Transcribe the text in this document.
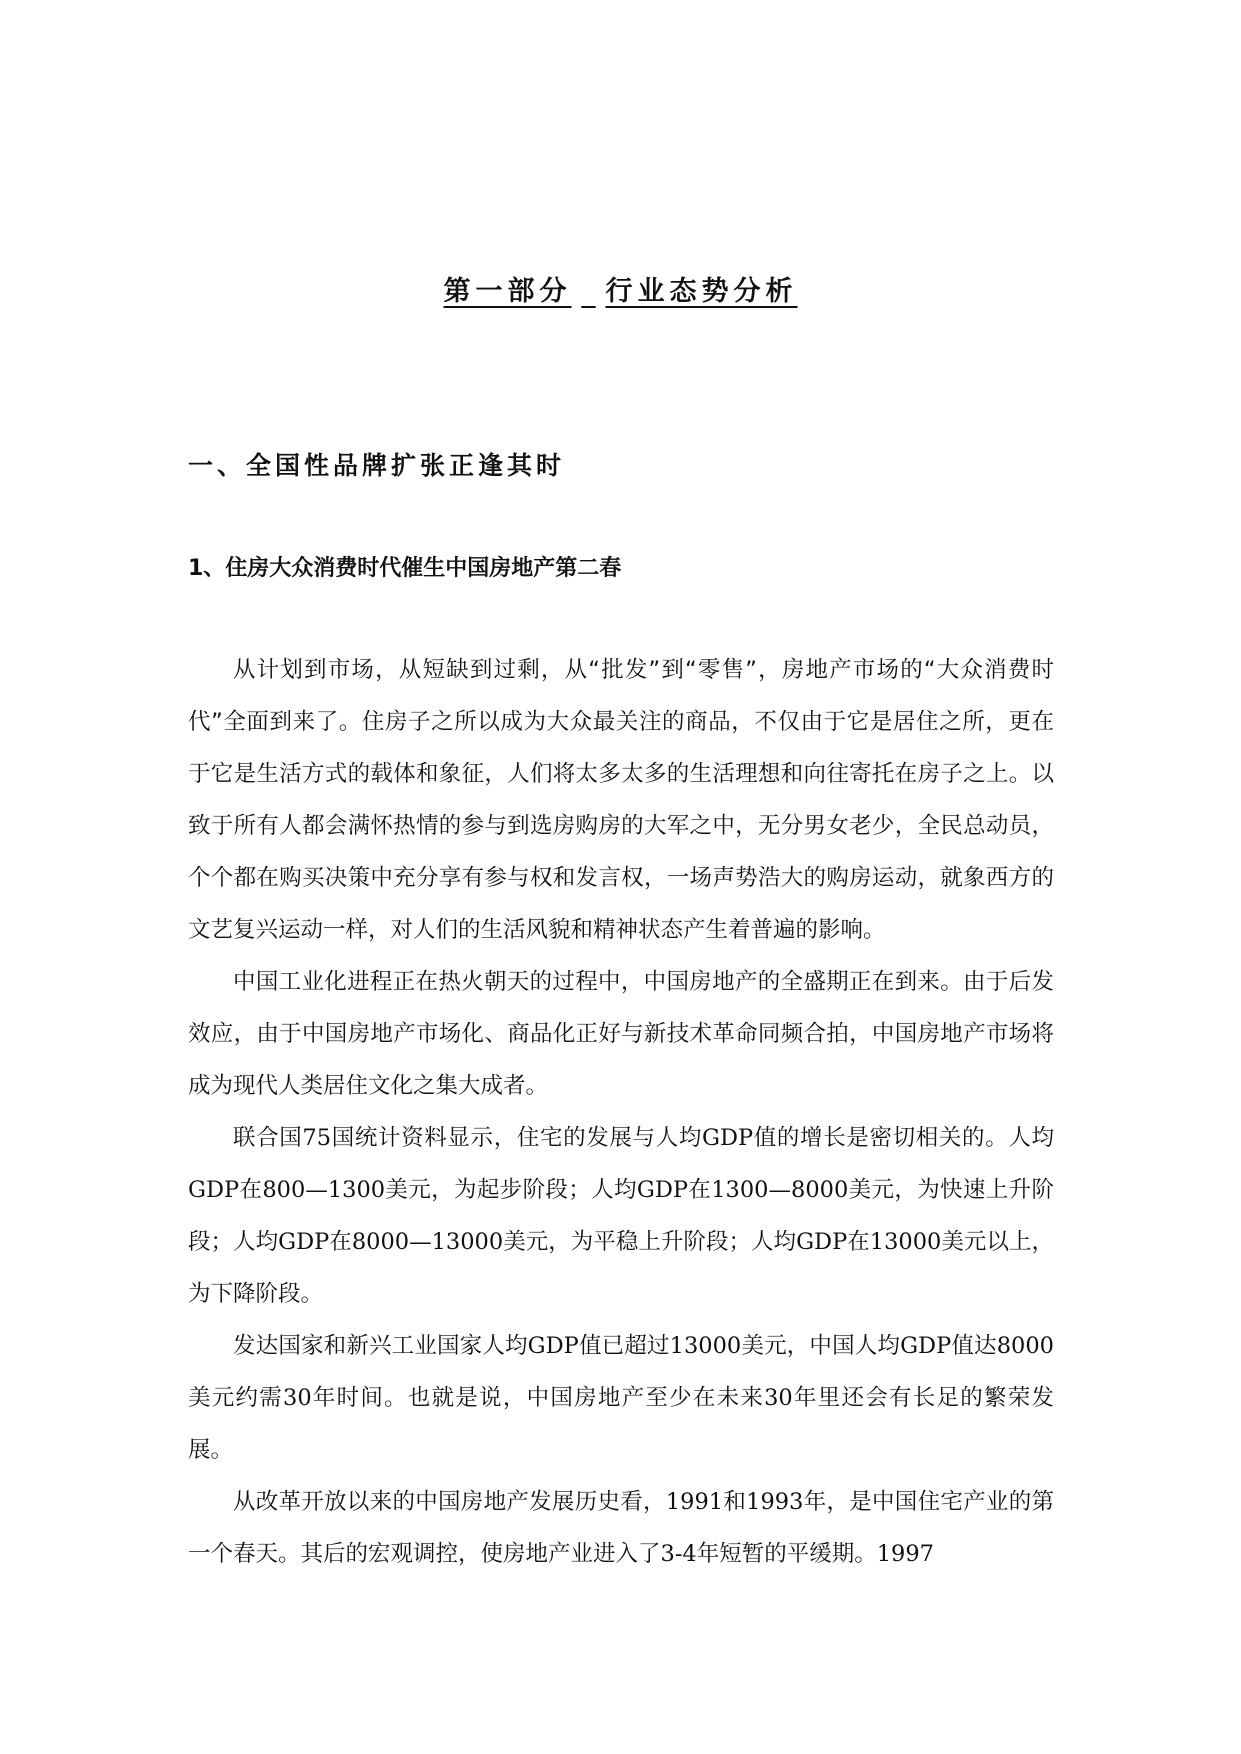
第一部分 行业态势分析
一、全国性品牌扩张正逢其时
1、住房大众消费时代催生中国房地产第二春

从计划到市场，从短缺到过剩，从“批发”到“零售”，房地产市场的“大众消费时代”全面到来了。住房子之所以成为大众最关注的商品，不仅由于它是居住之所，更在于它是生活方式的载体和象征，人们将太多太多的生活理想和向往寄托在房子之上。以致于所有人都会满怀热情的参与到选房购房的大军之中，无分男女老少，全民总动员，个个都在购买决策中充分享有参与权和发言权，一场声势浩大的购房运动，就象西方的文艺复兴运动一样，对人们的生活风貌和精神状态产生着普遍的影响。

中国工业化进程正在热火朝天的过程中，中国房地产的全盛期正在到来。由于后发效应，由于中国房地产市场化、商品化正好与新技术革命同频合拍，中国房地产市场将成为现代人类居住文化之集大成者。

联合国75国统计资料显示，住宅的发展与人均GDP值的增长是密切相关的。人均GDP在800—1300美元，为起步阶段；人均GDP在1300—8000美元，为快速上升阶段；人均GDP在8000—13000美元，为平稳上升阶段；人均GDP在13000美元以上，为下降阶段。

发达国家和新兴工业国家人均GDP值已超过13000美元，中国人均GDP值达8000美元约需30年时间。也就是说，中国房地产至少在未来30年里还会有长足的繁荣发展。

从改革开放以来的中国房地产发展历史看，1991和1993年，是中国住宅产业的第一个春天。其后的宏观调控，使房地产业进入了3-4年短暂的平缓期。1997
